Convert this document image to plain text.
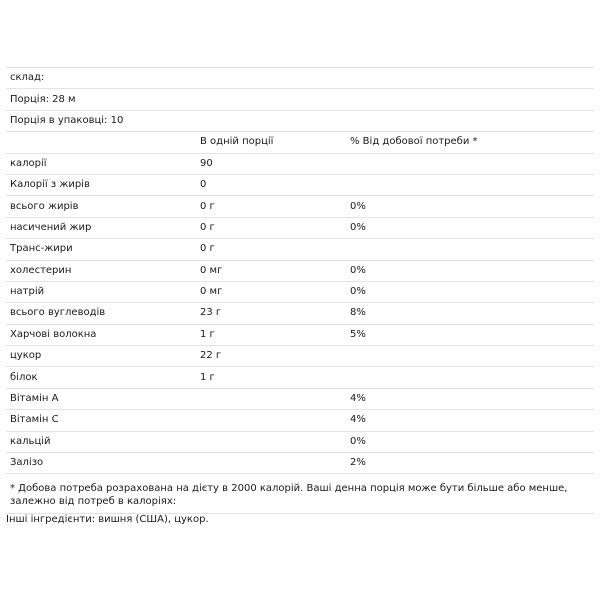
склад:		
Порція: 28 м		
Порція в упаковці: 10		
	В одній порції	% Від добової потреби *
калорії	90	
Калорії з жирів	0	
всього жирів	0 г	0%
насичений жир	0 г	0%
Транс-жири	0 г	
холестерин	0 мг	0%
натрій	0 мг	0%
всього вуглеводів	23 г	8%
Харчові волокна	1 г	5%
цукор	22 г	
білок	1 г	
Вітамін А		4%
Вітамін С		4%
кальцій		0%
Залізо		2%
* Добова потреба розрахована на дієту в 2000 калорій. Ваші денна порція може бути більше або менше, залежно від потреб в калоріях:		
Інші інгредієнти: вишня (США), цукор.
